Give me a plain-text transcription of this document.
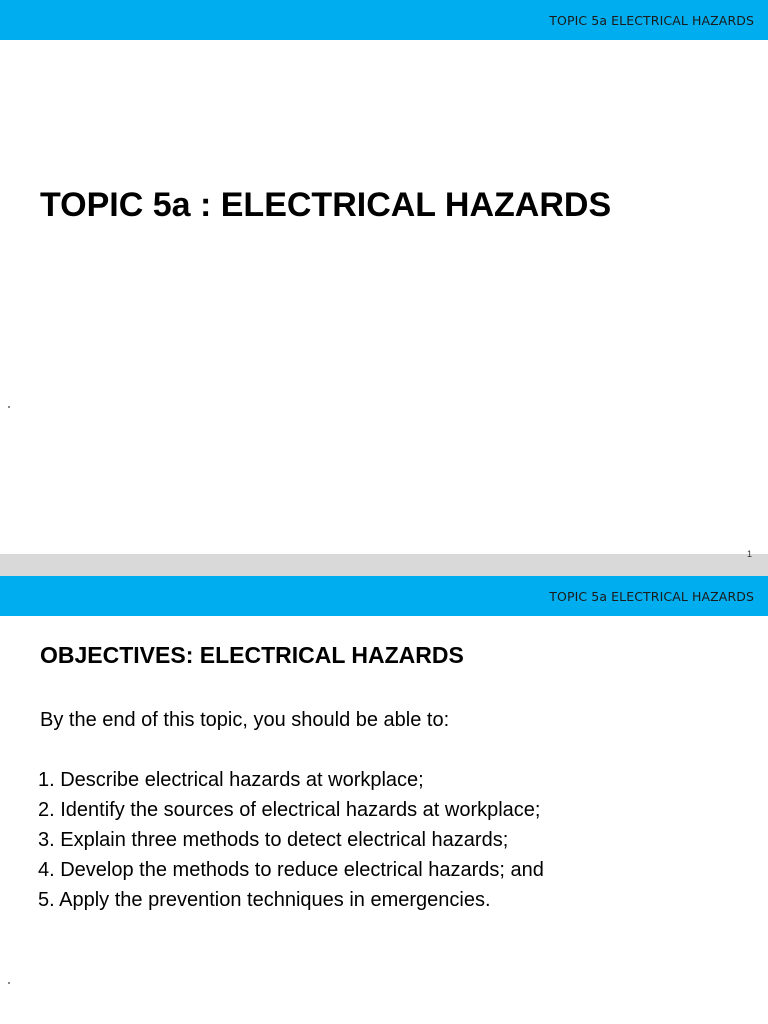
TOPIC 5a ELECTRICAL HAZARDS
TOPIC 5a : ELECTRICAL HAZARDS
1
TOPIC 5a ELECTRICAL HAZARDS
OBJECTIVES: ELECTRICAL HAZARDS
By the end of this topic, you should be able to:
1. Describe electrical hazards at workplace;
2. Identify the sources of electrical hazards at workplace;
3. Explain three methods to detect electrical hazards;
4. Develop the methods to reduce electrical hazards; and
5. Apply the prevention techniques in emergencies.
